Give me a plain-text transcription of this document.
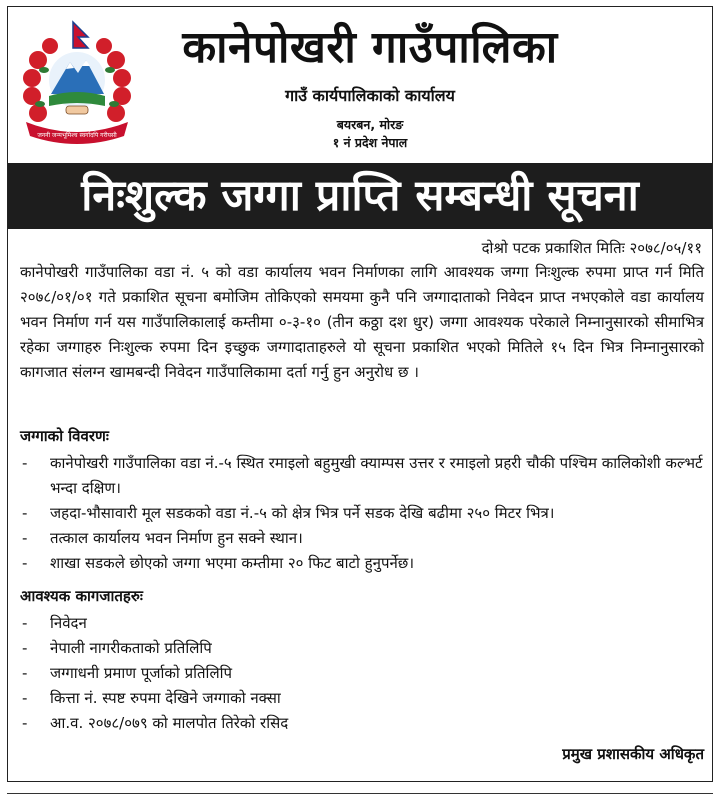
जननी जन्मभूमिश्च स्वर्गादपि गरीयसी
कानेपोखरी गाउँपालिका
गाउँ कार्यपालिकाको कार्यालय
बयरबन, मोरङ
१ नं प्रदेश नेपाल
निःशुल्क जग्गा प्राप्ति सम्बन्धी सूचना
दोश्रो पटक प्रकाशित मितिः २०७८/०५/११
कानेपोखरी गाउँपालिका वडा नं. ५ को वडा कार्यालय भवन निर्माणका लागि आवश्यक जग्गा निःशुल्क रुपमा प्राप्त गर्न मिति २०७८/०१/०१ गते प्रकाशित सूचना बमोजिम तोकिएको समयमा कुनै पनि जग्गादाताको निवेदन प्राप्त नभएकोले वडा कार्यालय भवन निर्माण गर्न यस गाउँपालिकालाई कम्तीमा ०-३-१० (तीन कठ्ठा दश धुर) जग्गा आवश्यक परेकाले निम्नानुसारको सीमाभित्र रहेका जग्गाहरु निःशुल्क रुपमा दिन इच्छुक जग्गादाताहरुले यो सूचना प्रकाशित भएको मितिले १५ दिन भित्र निम्नानुसारको कागजात संलग्न खामबन्दी निवेदन गाउँपालिकामा दर्ता गर्नु हुन अनुरोध छ ।
जग्गाको विवरणः
- कानेपोखरी गाउँपालिका वडा नं.-५ स्थित रमाइलो बहुमुखी क्याम्पस उत्तर र रमाइलो प्रहरी चौकी पश्चिम कालिकोशी कल्भर्ट भन्दा दक्षिण।
- जहदा-भौसावारी मूल सडकको वडा नं.-५ को क्षेत्र भित्र पर्ने सडक देखि बढीमा २५० मिटर भित्र।
- तत्काल कार्यालय भवन निर्माण हुन सक्ने स्थान।
- शाखा सडकले छोएको जग्गा भएमा कम्तीमा २० फिट बाटो हुनुपर्नेछ।
आवश्यक कागजातहरुः
- निवेदन
- नेपाली नागरीकताको प्रतिलिपि
- जग्गाधनी प्रमाण पूर्जाको प्रतिलिपि
- कित्ता नं. स्पष्ट रुपमा देखिने जग्गाको नक्सा
- आ.व. २०७८/०७९ को मालपोत तिरेको रसिद
प्रमुख प्रशासकीय अधिकृत
